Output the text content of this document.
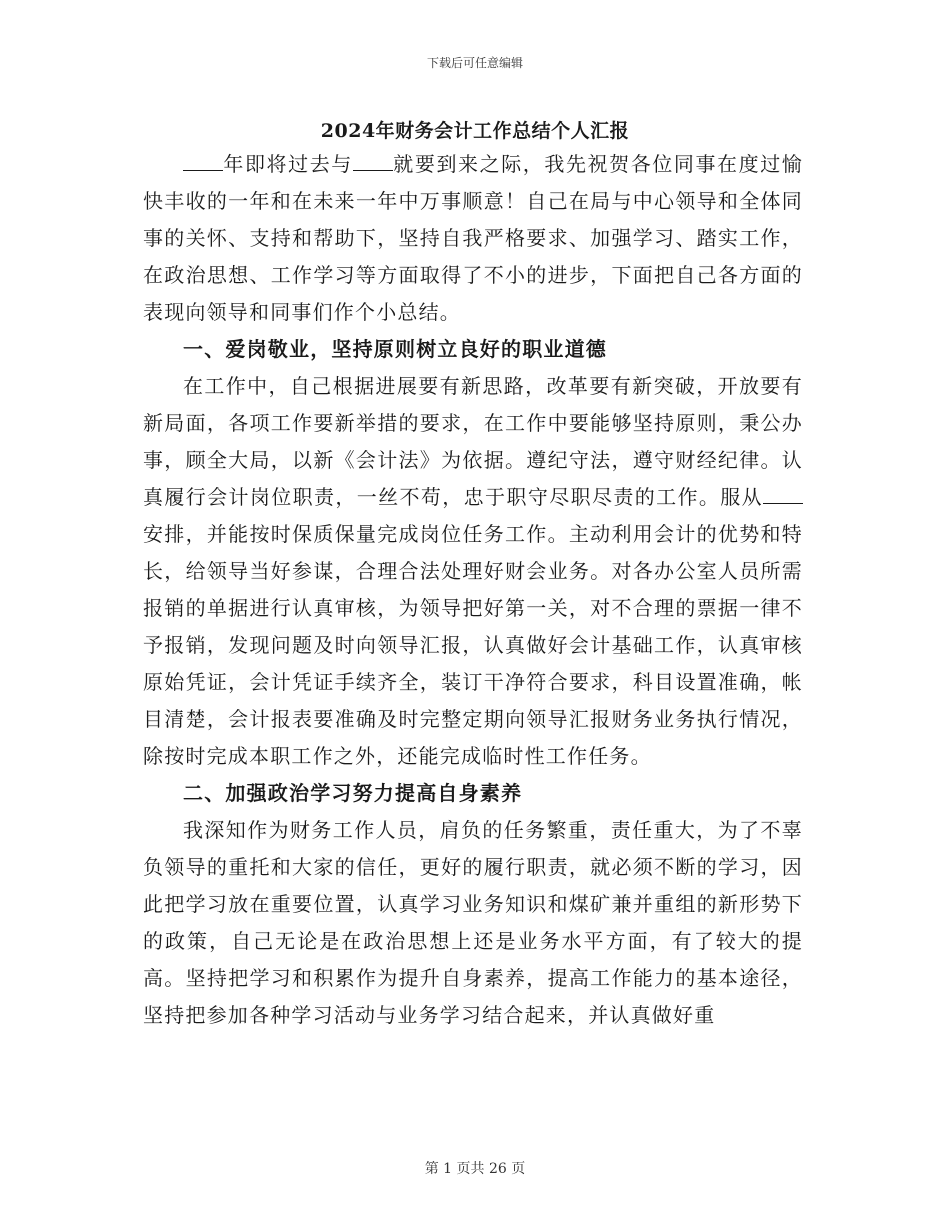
下载后可任意编辑
2024年财务会计工作总结个人汇报

年即将过去与 就要到来之际，我先祝贺各位同事在度过愉快丰收的一年和在未来一年中万事顺意！自己在局与中心领导和全体同事的关怀、支持和帮助下，坚持自我严格要求、加强学习、踏实工作，在政治思想、工作学习等方面取得了不小的进步，下面把自己各方面的表现向领导和同事们作个小总结。

一、爱岗敬业，坚持原则树立良好的职业道德

在工作中，自己根据进展要有新思路，改革要有新突破，开放要有新局面，各项工作要新举措的要求，在工作中要能够坚持原则，秉公办事，顾全大局，以新《会计法》为依据。遵纪守法，遵守财经纪律。认真履行会计岗位职责，一丝不苟，忠于职守尽职尽责的工作。服从安排，并能按时保质保量完成岗位任务工作。主动利用会计的优势和特长，给领导当好参谋，合理合法处理好财会业务。对各办公室人员所需报销的单据进行认真审核，为领导把好第一关，对不合理的票据一律不予报销，发现问题及时向领导汇报，认真做好会计基础工作，认真审核原始凭证，会计凭证手续齐全，装订干净符合要求，科目设置准确，帐目清楚，会计报表要准确及时完整定期向领导汇报财务业务执行情况，除按时完成本职工作之外，还能完成临时性工作任务。

二、加强政治学习努力提高自身素养

我深知作为财务工作人员，肩负的任务繁重，责任重大，为了不辜负领导的重托和大家的信任，更好的履行职责，就必须不断的学习，因此把学习放在重要位置，认真学习业务知识和煤矿兼并重组的新形势下的政策，自己无论是在政治思想上还是业务水平方面，有了较大的提高。坚持把学习和积累作为提升自身素养，提高工作能力的基本途径，坚持把参加各种学习活动与业务学习结合起来，并认真做好重

第 1 页共 26 页
